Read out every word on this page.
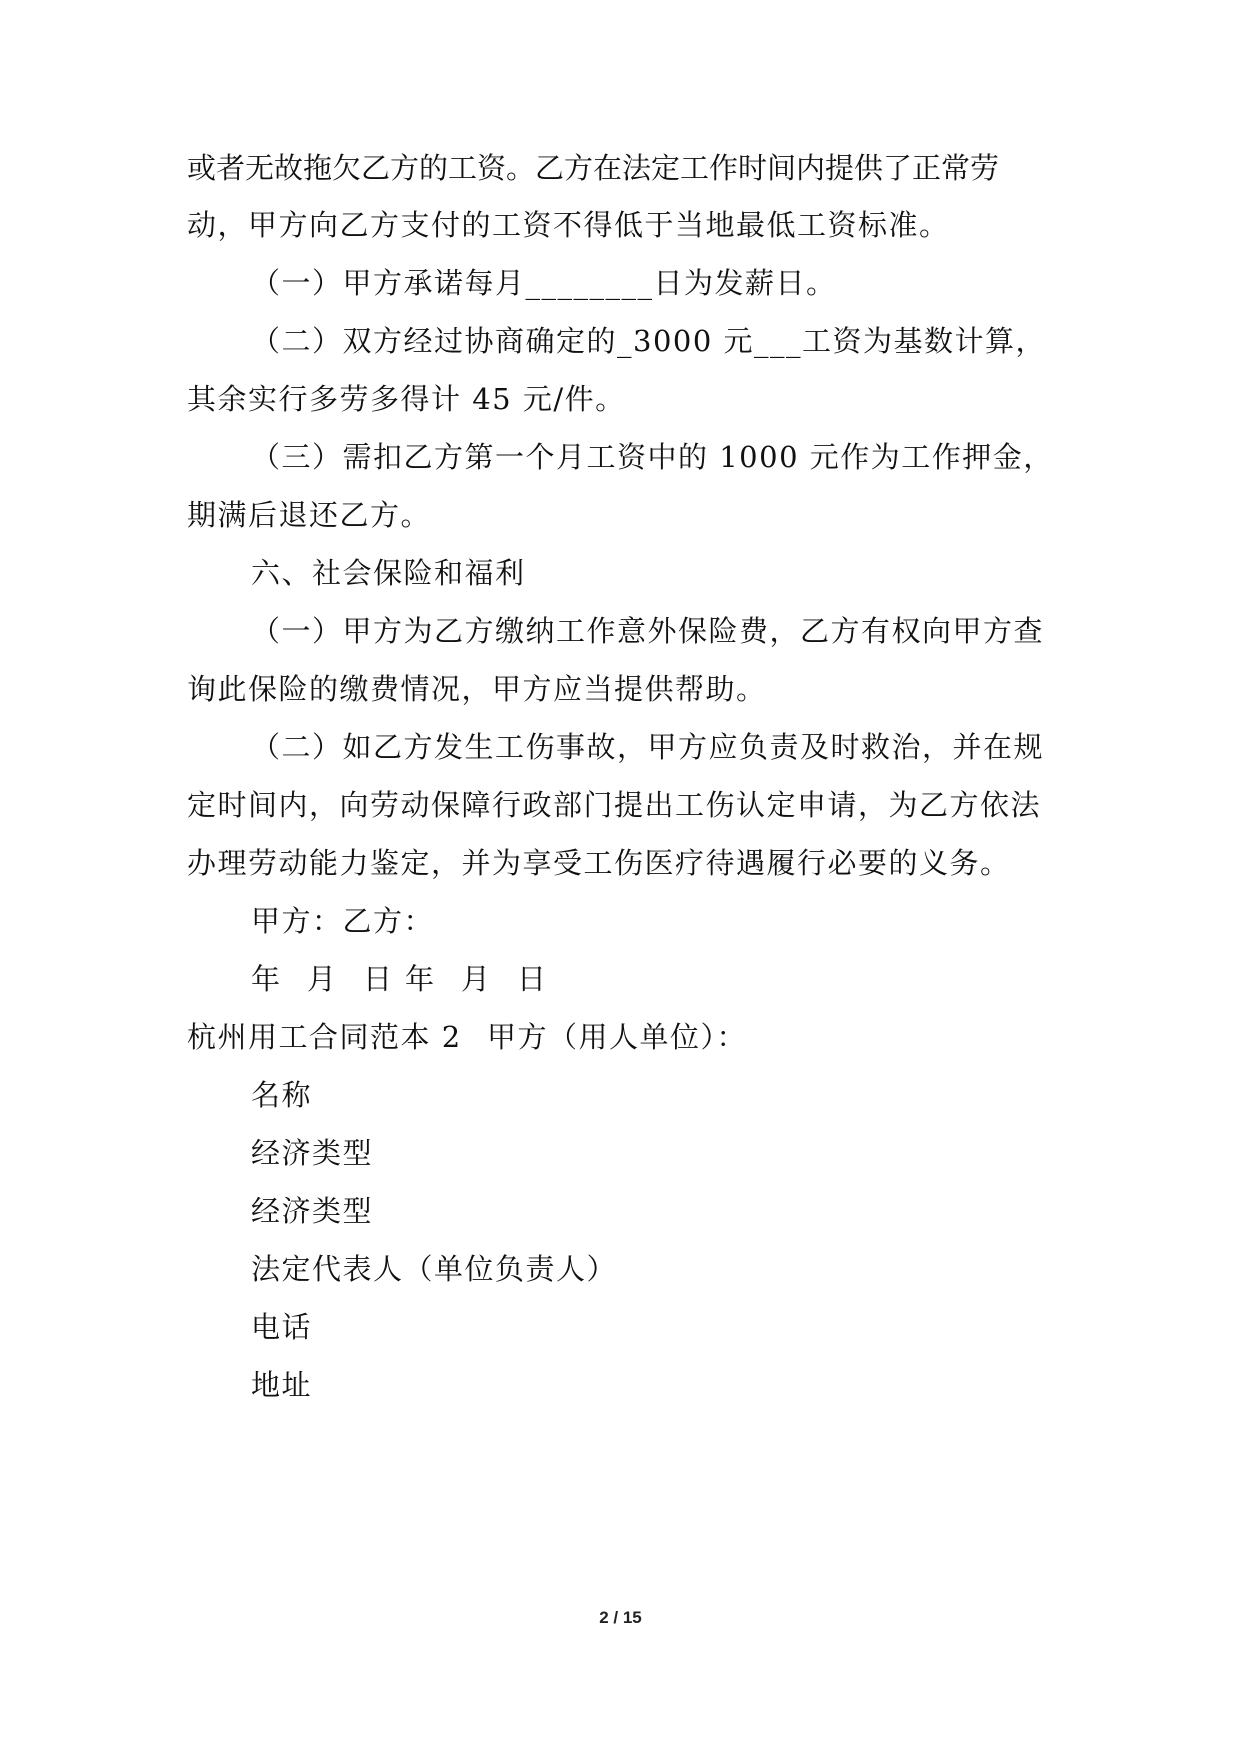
或者无故拖欠乙方的工资。乙方在法定工作时间内提供了正常劳
动，甲方向乙方支付的工资不得低于当地最低工资标准。
（一）甲方承诺每月________日为发薪日。
（二）双方经过协商确定的_3000 元___工资为基数计算，
其余实行多劳多得计 45 元/件。
（三）需扣乙方第一个月工资中的 1000 元作为工作押金，
期满后退还乙方。
六、社会保险和福利
（一）甲方为乙方缴纳工作意外保险费，乙方有权向甲方查
询此保险的缴费情况，甲方应当提供帮助。
（二）如乙方发生工伤事故，甲方应负责及时救治，并在规
定时间内，向劳动保障行政部门提出工伤认定申请，为乙方依法
办理劳动能力鉴定，并为享受工伤医疗待遇履行必要的义务。
甲方：乙方：
年 月 日 年 月 日
杭州用工合同范本 2 甲方（用人单位）：
名称
经济类型
经济类型
法定代表人（单位负责人）
电话
地址
2 / 15
